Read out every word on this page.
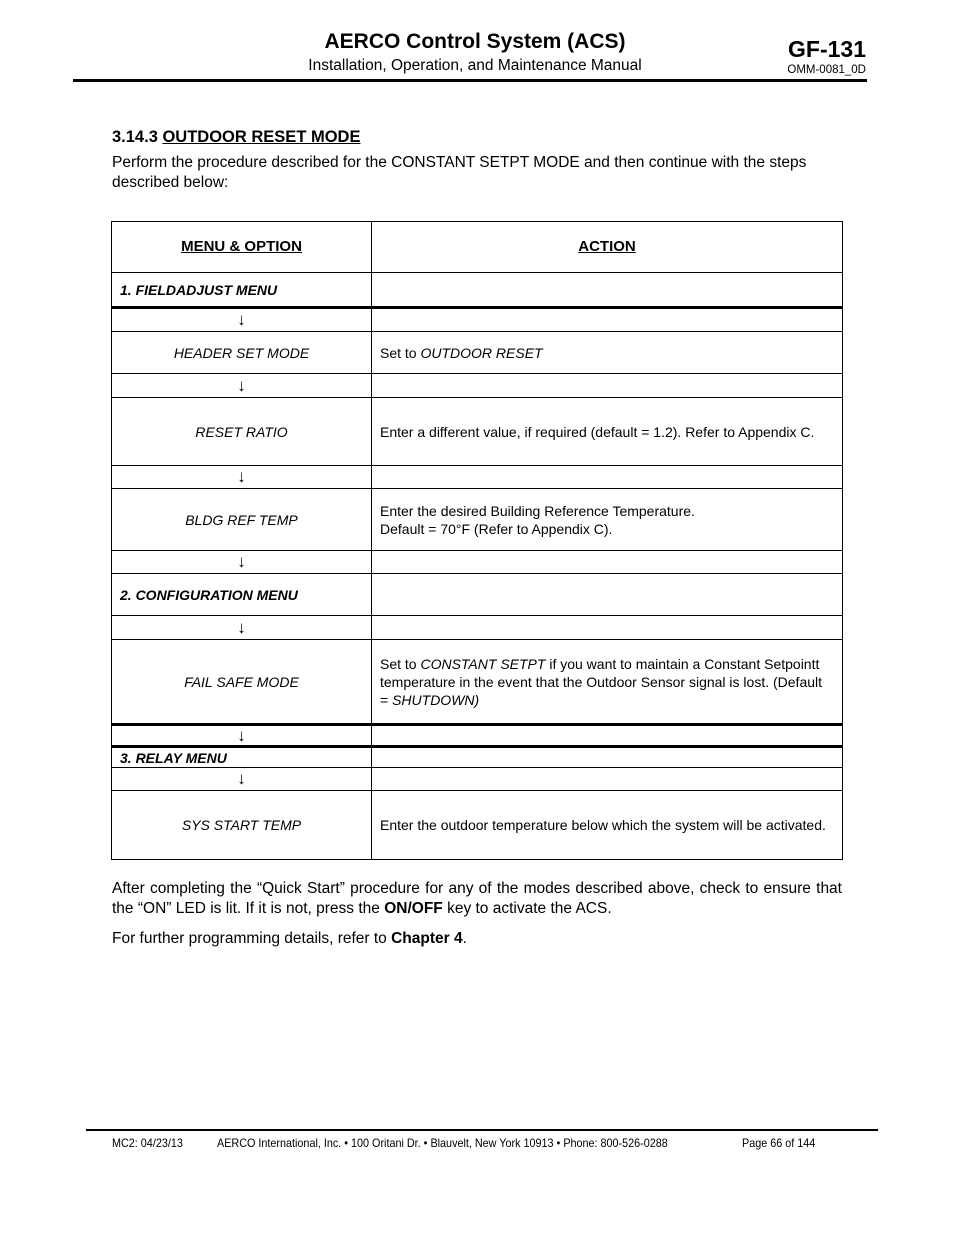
AERCO Control System (ACS)
Installation, Operation, and Maintenance Manual
GF-131
OMM-0081_0D
3.14.3 OUTDOOR RESET MODE
Perform the procedure described for the CONSTANT SETPT MODE and then continue with the steps described below:
MENU & OPTION	ACTION
1. FIELDADJUST MENU	
↓	
HEADER SET MODE	Set to OUTDOOR RESET
↓	
RESET RATIO	Enter a different value, if required (default = 1.2). Refer to Appendix C.
↓	
BLDG REF TEMP	Enter the desired Building Reference Temperature.
Default = 70°F (Refer to Appendix C).

↓	
2. CONFIGURATION MENU	
↓	
FAIL SAFE MODE	Set to CONSTANT SETPT if you want to maintain a Constant Setpointt temperature in the event that the Outdoor Sensor signal is lost. (Default = SHUTDOWN)
↓	
3. RELAY MENU	
↓	
SYS START TEMP	Enter the outdoor temperature below which the system will be activated.
After completing the “Quick Start” procedure for any of the modes described above, check to ensure that the “ON” LED is lit. If it is not, press the ON/OFF key to activate the ACS.
For further programming details, refer to Chapter 4.
MC2: 04/23/13	AERCO International, Inc. • 100 Oritani Dr. • Blauvelt, New York 10913 • Phone: 800-526-0288	Page 66 of 144
